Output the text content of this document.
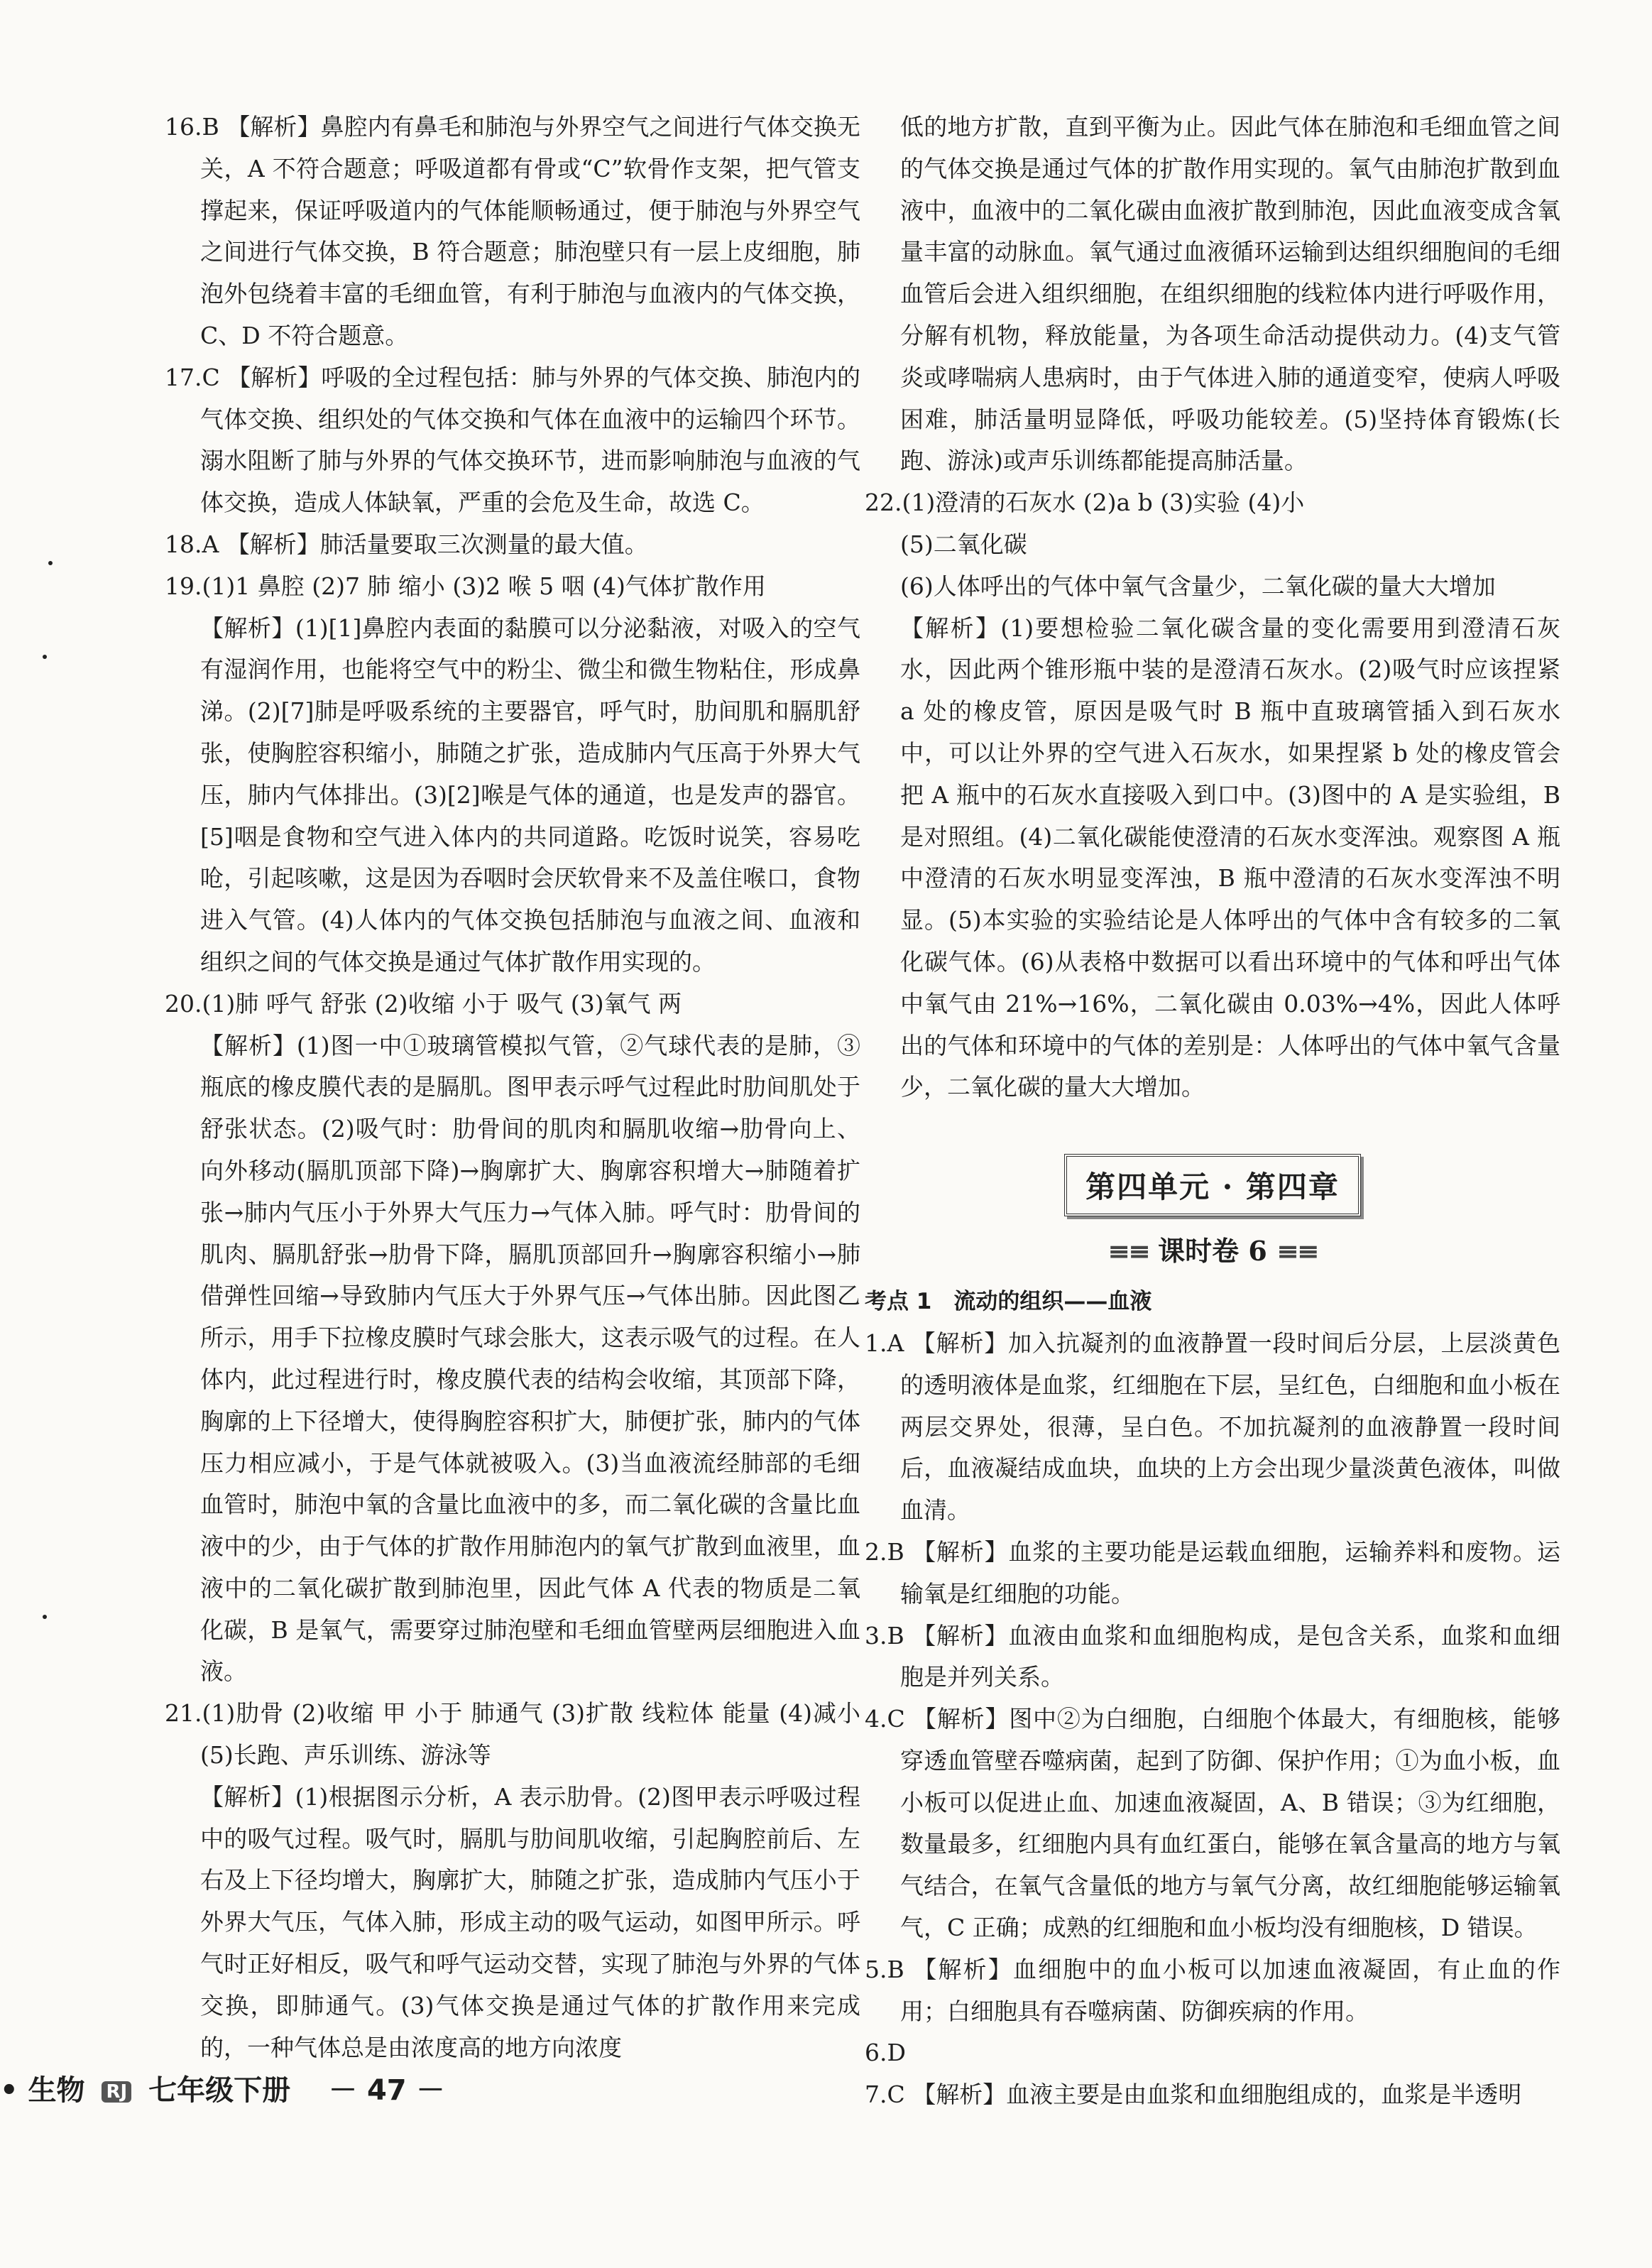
16.B 【解析】鼻腔内有鼻毛和肺泡与外界空气之间进行气体交换无关，A 不符合题意；呼吸道都有骨或“C”软骨作支架，把气管支撑起来，保证呼吸道内的气体能顺畅通过，便于肺泡与外界空气之间进行气体交换，B 符合题意；肺泡壁只有一层上皮细胞，肺泡外包绕着丰富的毛细血管，有利于肺泡与血液内的气体交换，C、D 不符合题意。
17.C 【解析】呼吸的全过程包括：肺与外界的气体交换、肺泡内的气体交换、组织处的气体交换和气体在血液中的运输四个环节。溺水阻断了肺与外界的气体交换环节，进而影响肺泡与血液的气体交换，造成人体缺氧，严重的会危及生命，故选 C。
18.A 【解析】肺活量要取三次测量的最大值。
19.(1)1 鼻腔 (2)7 肺 缩小 (3)2 喉 5 咽 (4)气体扩散作用
【解析】(1)[1]鼻腔内表面的黏膜可以分泌黏液，对吸入的空气有湿润作用，也能将空气中的粉尘、微尘和微生物粘住，形成鼻涕。(2)[7]肺是呼吸系统的主要器官，呼气时，肋间肌和膈肌舒张，使胸腔容积缩小，肺随之扩张，造成肺内气压高于外界大气压，肺内气体排出。(3)[2]喉是气体的通道，也是发声的器官。[5]咽是食物和空气进入体内的共同道路。吃饭时说笑，容易吃呛，引起咳嗽，这是因为吞咽时会厌软骨来不及盖住喉口，食物进入气管。(4)人体内的气体交换包括肺泡与血液之间、血液和组织之间的气体交换是通过气体扩散作用实现的。
20.(1)肺 呼气 舒张 (2)收缩 小于 吸气 (3)氧气 两
【解析】(1)图一中①玻璃管模拟气管，②气球代表的是肺，③瓶底的橡皮膜代表的是膈肌。图甲表示呼气过程此时肋间肌处于舒张状态。(2)吸气时：肋骨间的肌肉和膈肌收缩→肋骨向上、向外移动(膈肌顶部下降)→胸廓扩大、胸廓容积增大→肺随着扩张→肺内气压小于外界大气压力→气体入肺。呼气时：肋骨间的肌肉、膈肌舒张→肋骨下降，膈肌顶部回升→胸廓容积缩小→肺借弹性回缩→导致肺内气压大于外界气压→气体出肺。因此图乙所示，用手下拉橡皮膜时气球会胀大，这表示吸气的过程。在人体内，此过程进行时，橡皮膜代表的结构会收缩，其顶部下降，胸廓的上下径增大，使得胸腔容积扩大，肺便扩张，肺内的气体压力相应减小，于是气体就被吸入。(3)当血液流经肺部的毛细血管时，肺泡中氧的含量比血液中的多，而二氧化碳的含量比血液中的少，由于气体的扩散作用肺泡内的氧气扩散到血液里，血液中的二氧化碳扩散到肺泡里，因此气体 A 代表的物质是二氧化碳，B 是氧气，需要穿过肺泡壁和毛细血管壁两层细胞进入血液。
21.(1)肋骨 (2)收缩 甲 小于 肺通气 (3)扩散 线粒体 能量 (4)减小 (5)长跑、声乐训练、游泳等
【解析】(1)根据图示分析，A 表示肋骨。(2)图甲表示呼吸过程中的吸气过程。吸气时，膈肌与肋间肌收缩，引起胸腔前后、左右及上下径均增大，胸廓扩大，肺随之扩张，造成肺内气压小于外界大气压，气体入肺，形成主动的吸气运动，如图甲所示。呼气时正好相反，吸气和呼气运动交替，实现了肺泡与外界的气体交换，即肺通气。(3)气体交换是通过气体的扩散作用来完成的，一种气体总是由浓度高的地方向浓度
低的地方扩散，直到平衡为止。因此气体在肺泡和毛细血管之间的气体交换是通过气体的扩散作用实现的。氧气由肺泡扩散到血液中，血液中的二氧化碳由血液扩散到肺泡，因此血液变成含氧量丰富的动脉血。氧气通过血液循环运输到达组织细胞间的毛细血管后会进入组织细胞，在组织细胞的线粒体内进行呼吸作用，分解有机物，释放能量，为各项生命活动提供动力。(4)支气管炎或哮喘病人患病时，由于气体进入肺的通道变窄，使病人呼吸困难，肺活量明显降低，呼吸功能较差。(5)坚持体育锻炼(长跑、游泳)或声乐训练都能提高肺活量。
22.(1)澄清的石灰水 (2)a b (3)实验 (4)小
(5)二氧化碳
(6)人体呼出的气体中氧气含量少，二氧化碳的量大大增加
【解析】(1)要想检验二氧化碳含量的变化需要用到澄清石灰水，因此两个锥形瓶中装的是澄清石灰水。(2)吸气时应该捏紧 a 处的橡皮管，原因是吸气时 B 瓶中直玻璃管插入到石灰水中，可以让外界的空气进入石灰水，如果捏紧 b 处的橡皮管会把 A 瓶中的石灰水直接吸入到口中。(3)图中的 A 是实验组，B 是对照组。(4)二氧化碳能使澄清的石灰水变浑浊。观察图 A 瓶中澄清的石灰水明显变浑浊，B 瓶中澄清的石灰水变浑浊不明显。(5)本实验的实验结论是人体呼出的气体中含有较多的二氧化碳气体。(6)从表格中数据可以看出环境中的气体和呼出气体中氧气由 21%→16%，二氧化碳由 0.03%→4%，因此人体呼出的气体和环境中的气体的差别是：人体呼出的气体中氧气含量少，二氧化碳的量大大增加。
第四单元 · 第四章
≡≡ 课时卷 6 ≡≡
考点 1　流动的组织——血液
1.A 【解析】加入抗凝剂的血液静置一段时间后分层，上层淡黄色的透明液体是血浆，红细胞在下层，呈红色，白细胞和血小板在两层交界处，很薄，呈白色。不加抗凝剂的血液静置一段时间后，血液凝结成血块，血块的上方会出现少量淡黄色液体，叫做血清。
2.B 【解析】血浆的主要功能是运载血细胞，运输养料和废物。运输氧是红细胞的功能。
3.B 【解析】血液由血浆和血细胞构成，是包含关系，血浆和血细胞是并列关系。
4.C 【解析】图中②为白细胞，白细胞个体最大，有细胞核，能够穿透血管壁吞噬病菌，起到了防御、保护作用；①为血小板，血小板可以促进止血、加速血液凝固，A、B 错误；③为红细胞，数量最多，红细胞内具有血红蛋白，能够在氧含量高的地方与氧气结合，在氧气含量低的地方与氧气分离，故红细胞能够运输氧气，C 正确；成熟的红细胞和血小板均没有细胞核，D 错误。
5.B 【解析】血细胞中的血小板可以加速血液凝固，有止血的作用；白细胞具有吞噬病菌、防御疾病的作用。
6.D
7.C 【解析】血液主要是由血浆和血细胞组成的，血浆是半透明
• 生物 RJ 七年级下册 － 47 －
